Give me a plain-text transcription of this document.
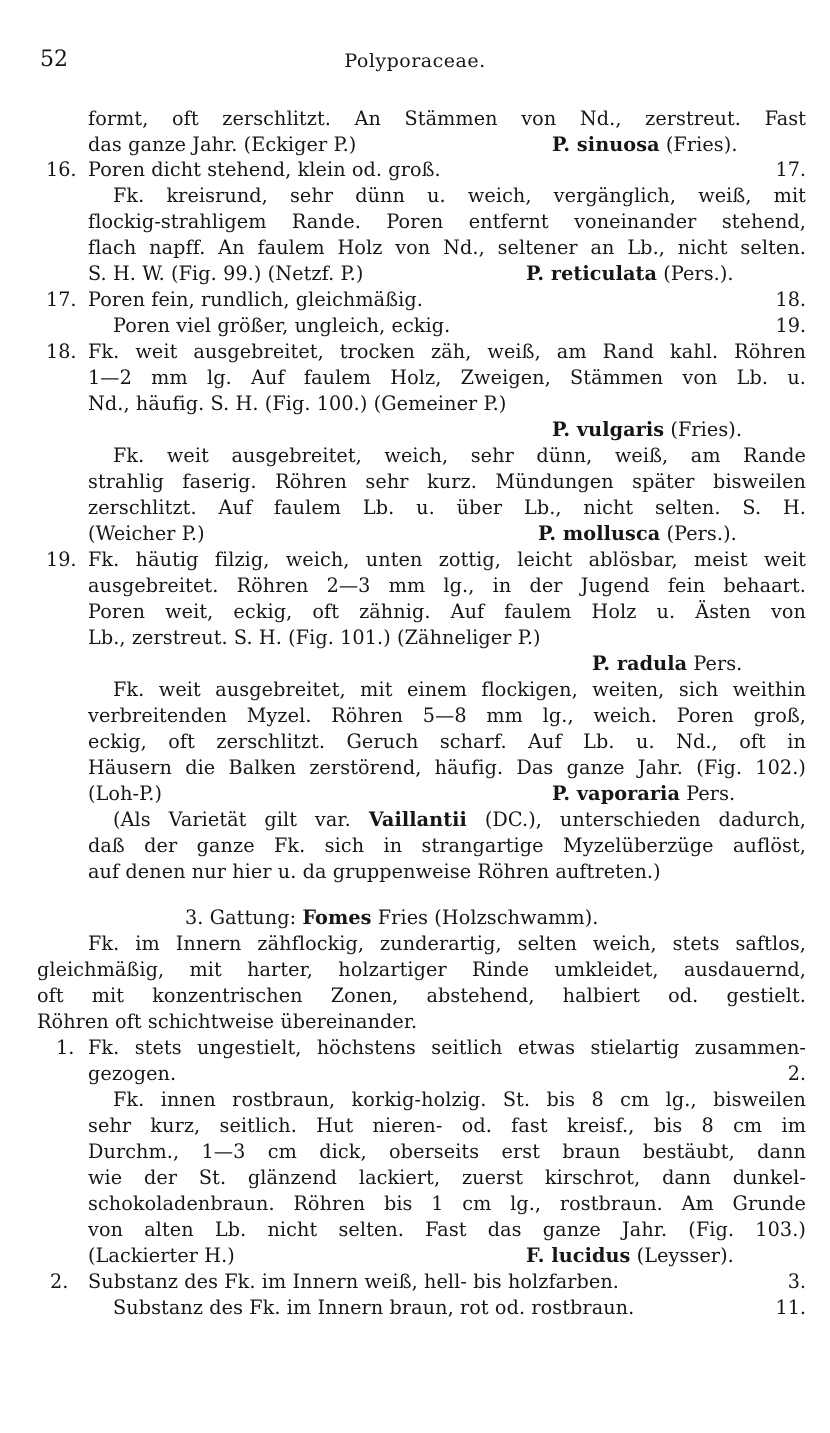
52	Polyporaceae.
formt, oft zerschlitzt. An Stämmen von Nd., zerstreut. Fast
das ganze Jahr. (Eckiger P.)	P. sinuosa (Fries).
16. Poren dicht stehend, klein od. groß.	17.
Fk. kreisrund, sehr dünn u. weich, vergänglich, weiß, mit
flockig-strahligem Rande. Poren entfernt voneinander stehend,
flach napff. An faulem Holz von Nd., seltener an Lb., nicht selten.
S. H. W. (Fig. 99.) (Netzf. P.)	P. reticulata (Pers.).
17. Poren fein, rundlich, gleichmäßig.	18.
Poren viel größer, ungleich, eckig.	19.
18. Fk. weit ausgebreitet, trocken zäh, weiß, am Rand kahl. Röhren
1—2 mm lg. Auf faulem Holz, Zweigen, Stämmen von Lb. u.
Nd., häufig. S. H. (Fig. 100.) (Gemeiner P.)
P. vulgaris (Fries).
Fk. weit ausgebreitet, weich, sehr dünn, weiß, am Rande
strahlig faserig. Röhren sehr kurz. Mündungen später bisweilen
zerschlitzt. Auf faulem Lb. u. über Lb., nicht selten. S. H.
(Weicher P.)	P. mollusca (Pers.).
19. Fk. häutig filzig, weich, unten zottig, leicht ablösbar, meist weit
ausgebreitet. Röhren 2—3 mm lg., in der Jugend fein behaart.
Poren weit, eckig, oft zähnig. Auf faulem Holz u. Ästen von
Lb., zerstreut. S. H. (Fig. 101.) (Zähneliger P.)
P. radula Pers.
Fk. weit ausgebreitet, mit einem flockigen, weiten, sich weithin
verbreitenden Myzel. Röhren 5—8 mm lg., weich. Poren groß,
eckig, oft zerschlitzt. Geruch scharf. Auf Lb. u. Nd., oft in
Häusern die Balken zerstörend, häufig. Das ganze Jahr. (Fig. 102.)
(Loh-P.)	P. vaporaria Pers.
(Als Varietät gilt var. Vaillantii (DC.), unterschieden dadurch,
daß der ganze Fk. sich in strangartige Myzelüberzüge auflöst,
auf denen nur hier u. da gruppenweise Röhren auftreten.)
3. Gattung: Fomes Fries (Holzschwamm).
Fk. im Innern zähflockig, zunderartig, selten weich, stets saftlos,
gleichmäßig, mit harter, holzartiger Rinde umkleidet, ausdauernd,
oft mit konzentrischen Zonen, abstehend, halbiert od. gestielt.
Röhren oft schichtweise übereinander.
1. Fk. stets ungestielt, höchstens seitlich etwas stielartig zusammen-
gezogen.	2.
Fk. innen rostbraun, korkig-holzig. St. bis 8 cm lg., bisweilen
sehr kurz, seitlich. Hut nieren- od. fast kreisf., bis 8 cm im
Durchm., 1—3 cm dick, oberseits erst braun bestäubt, dann
wie der St. glänzend lackiert, zuerst kirschrot, dann dunkel-
schokoladenbraun. Röhren bis 1 cm lg., rostbraun. Am Grunde
von alten Lb. nicht selten. Fast das ganze Jahr. (Fig. 103.)
(Lackierter H.)	F. lucidus (Leysser).
2. Substanz des Fk. im Innern weiß, hell- bis holzfarben.	3.
Substanz des Fk. im Innern braun, rot od. rostbraun.	11.
